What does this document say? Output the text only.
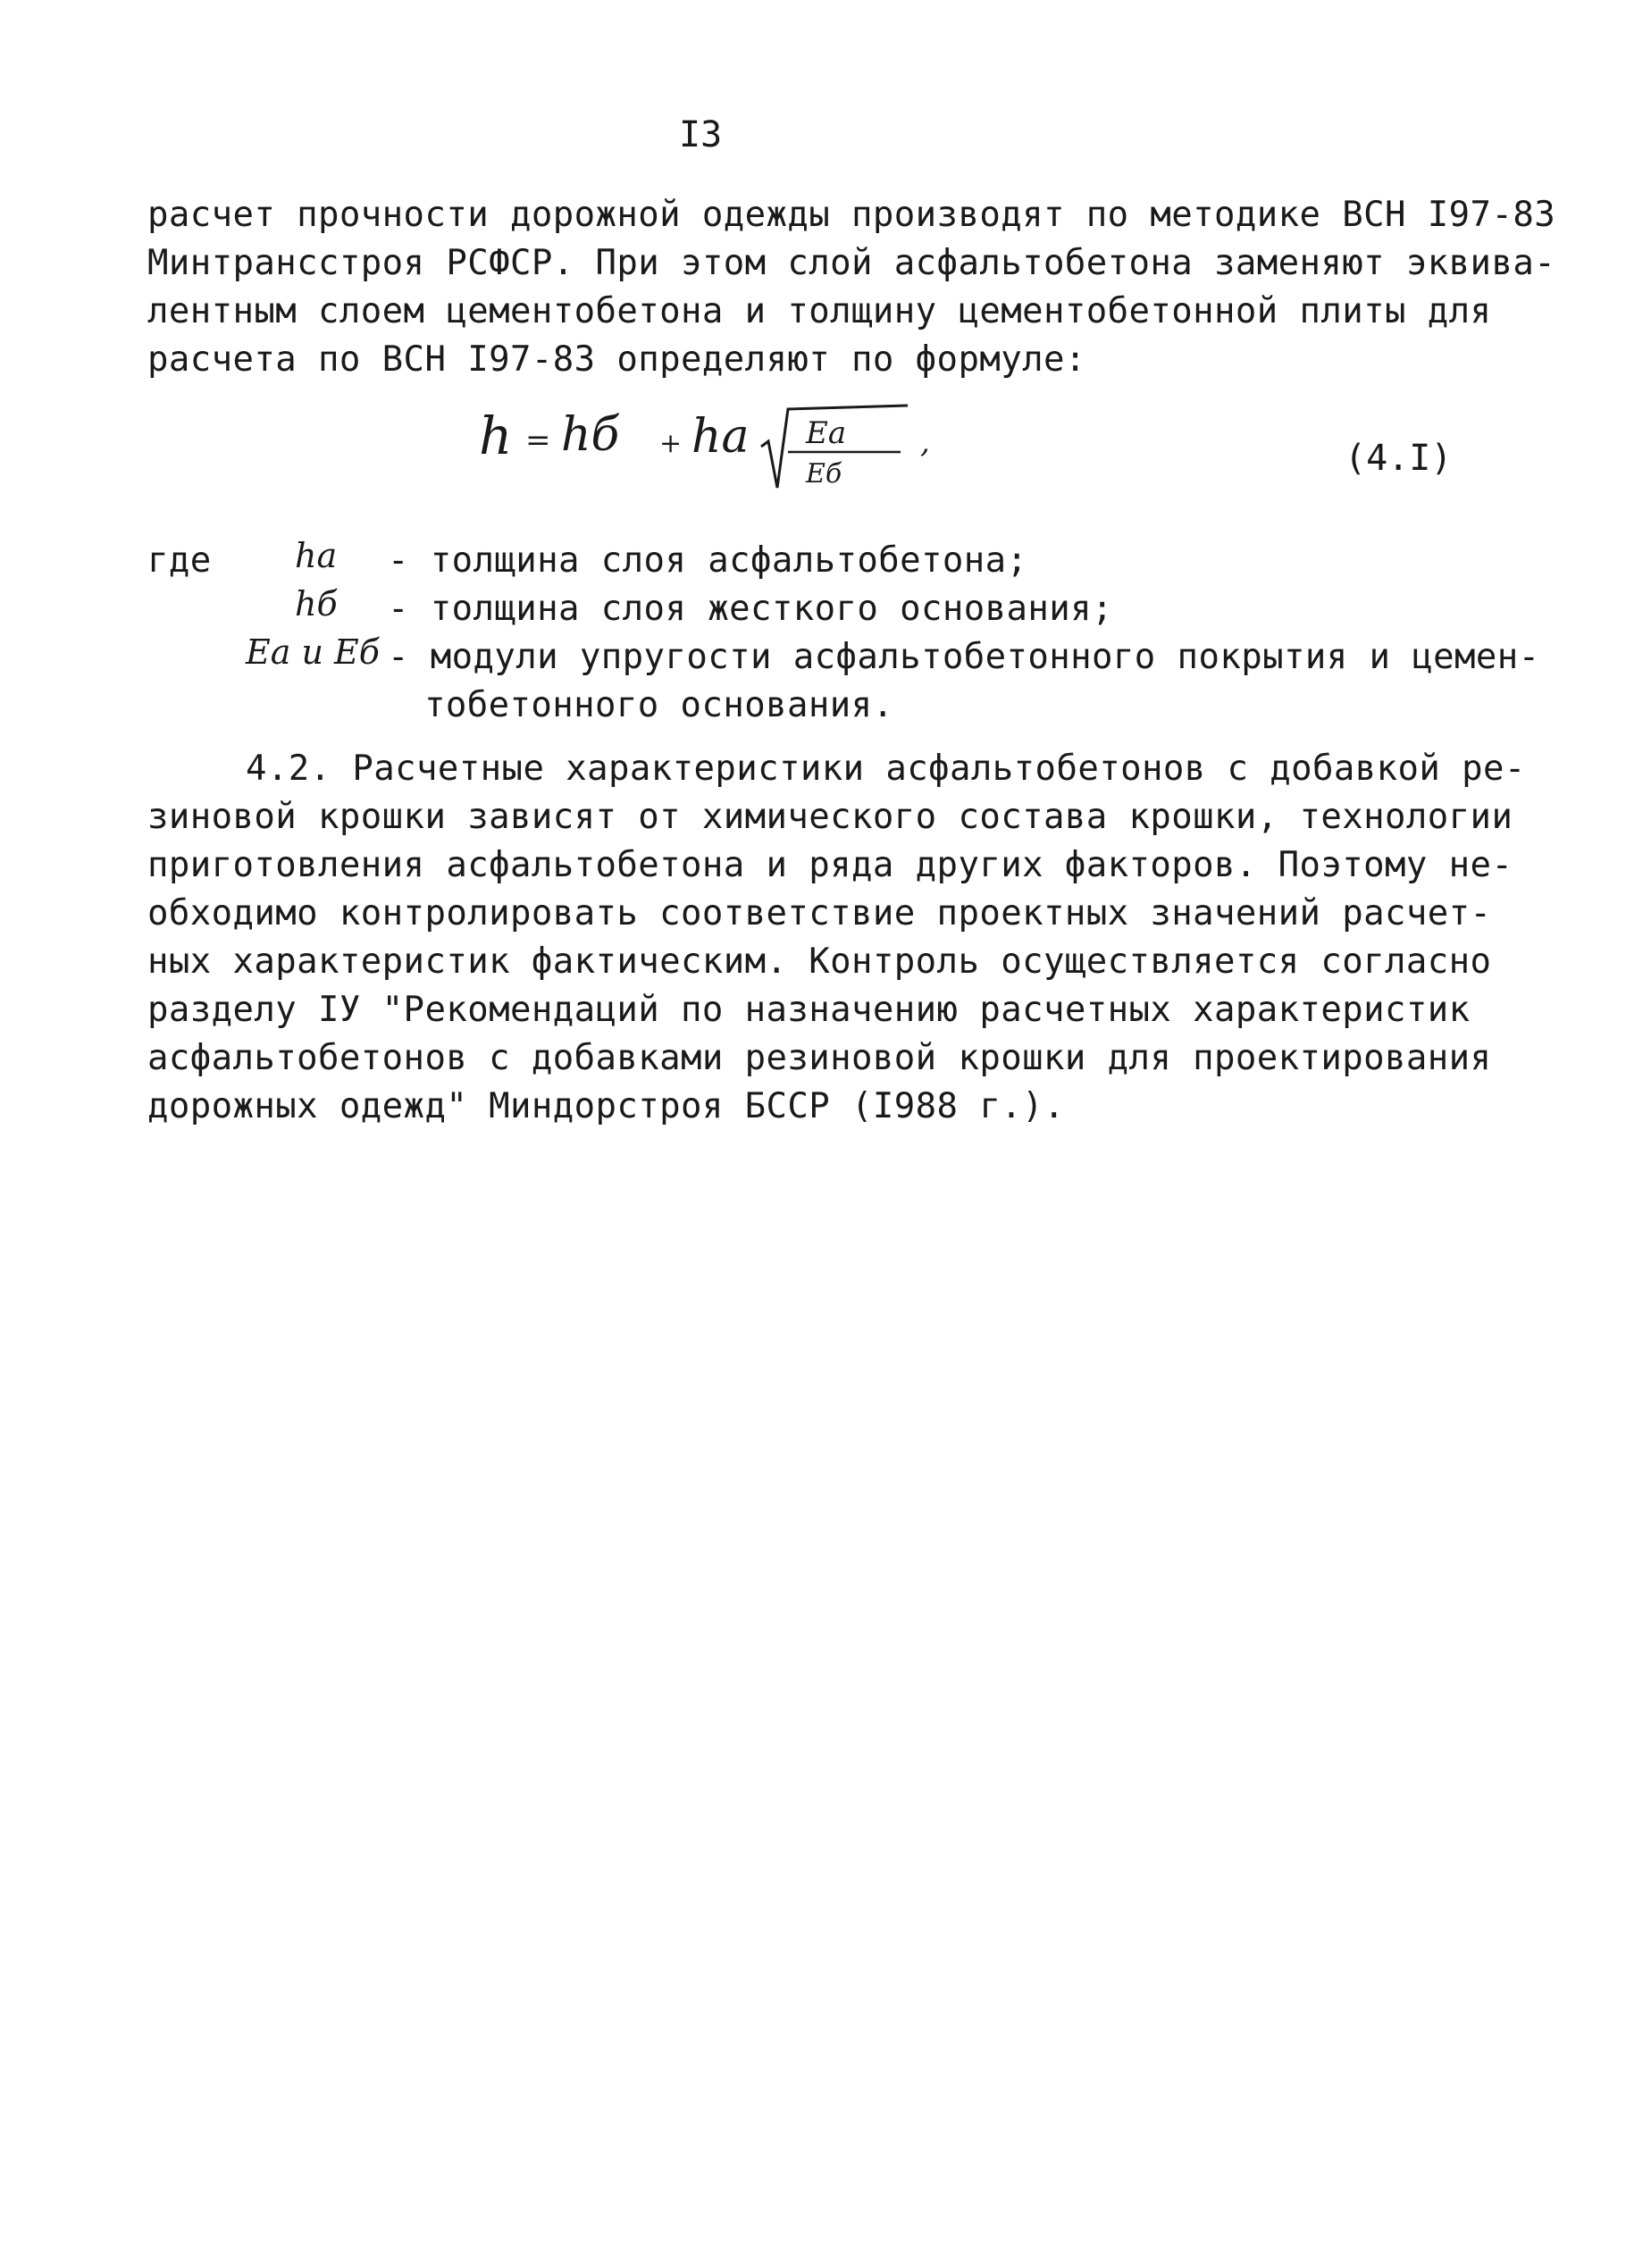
I3
расчет прочности дорожной одежды производят по методике ВСН I97-83
Минтрансстроя РСФСР. При этом слой асфальтобетона заменяют эквива-
лентным слоем цементобетона и толщину цементобетонной плиты для
расчета по ВСН I97-83 определяют по формуле:
h = hб + hа Eа
Eб
,	(4.I)
где hа - толщина слоя асфальтобетона;
hб - толщина слоя жесткого основания;
Eа и Eб - модули упругости асфальтобетонного покрытия и цемен-
тобетонного основания.
4.2. Расчетные характеристики асфальтобетонов с добавкой ре-
зиновой крошки зависят от химического состава крошки, технологии
приготовления асфальтобетона и ряда других факторов. Поэтому не-
обходимо контролировать соответствие проектных значений расчет-
ных характеристик фактическим. Контроль осуществляется согласно
разделу IУ "Рекомендаций по назначению расчетных характеристик
асфальтобетонов с добавками резиновой крошки для проектирования
дорожных одежд" Миндорстроя БССР (I988 г.).
